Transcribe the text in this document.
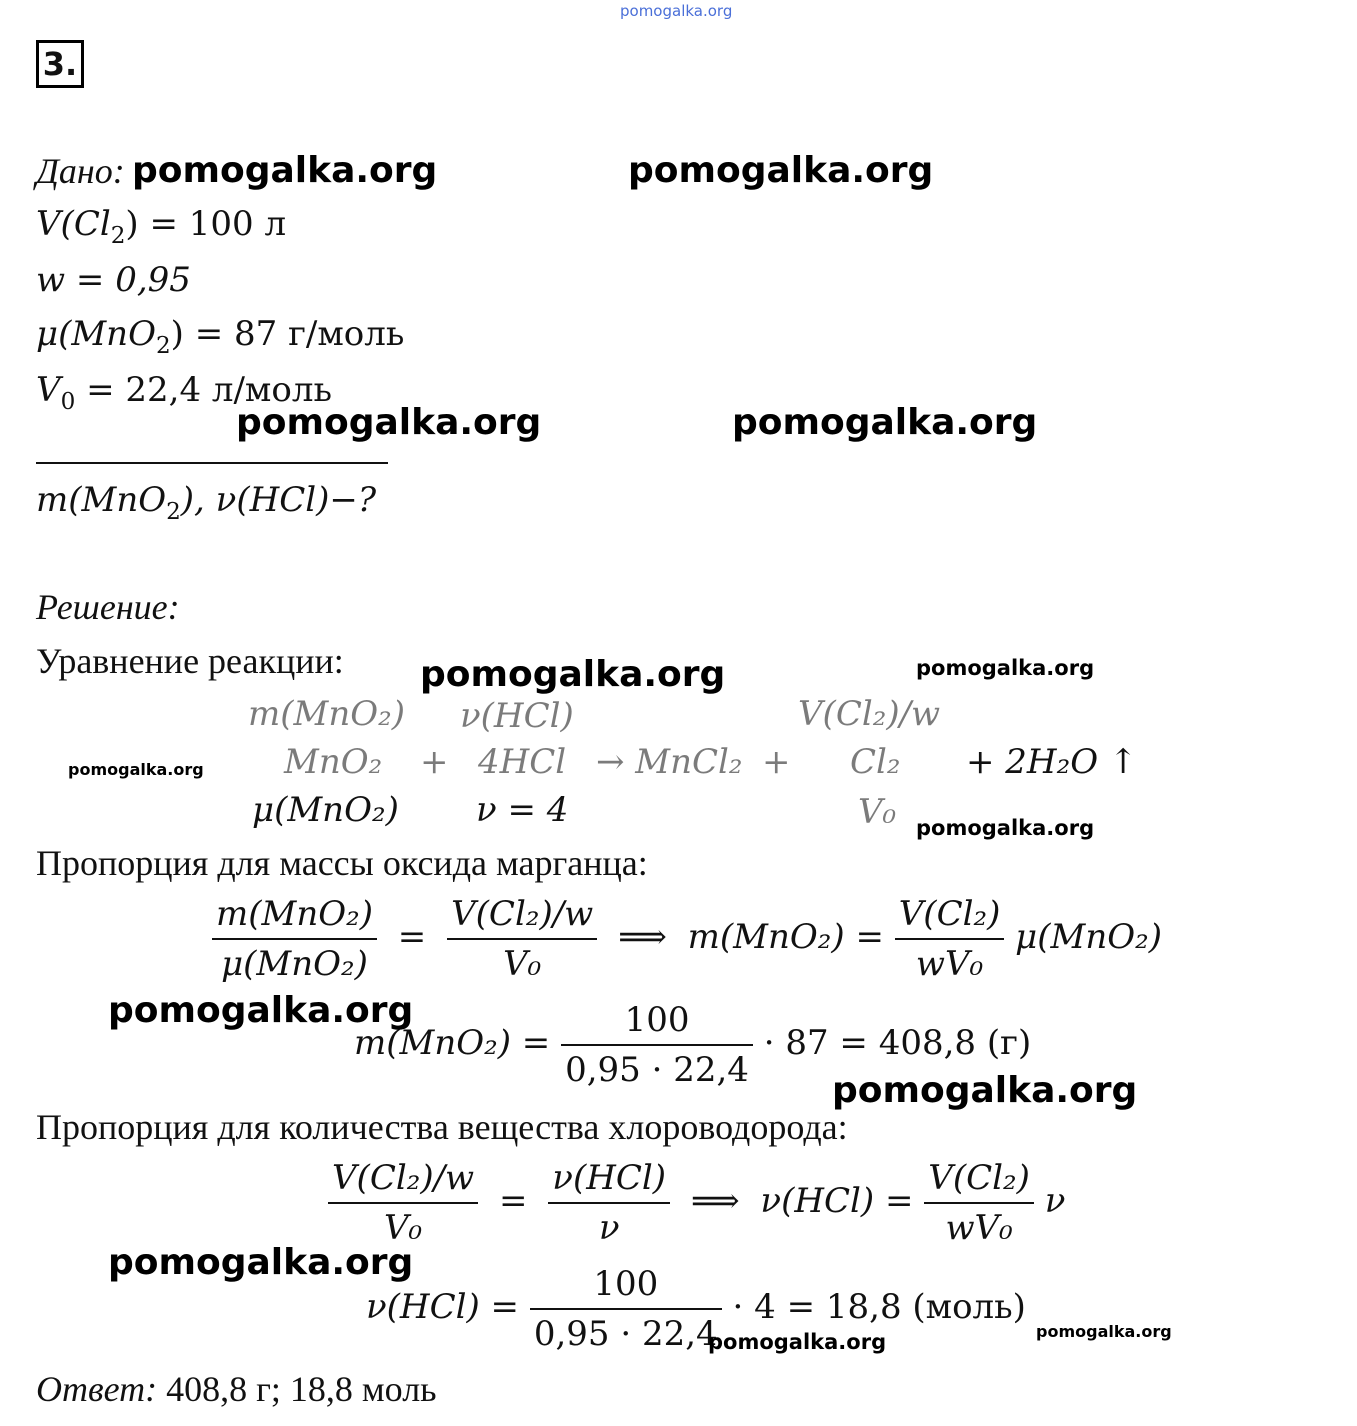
pomogalka.org
3.
Дано:
$V(Cl_2) = 100$ л
w = 0,95
μ(MnO$_2$) = 87 г/моль
$V_0 = 22,4$ л/моль
m(MnO$_2$), ν(HCl)−?
Решение:
Уравнение реакции:
m(MnO₂) ν(HCl)	V(Cl₂)/w
MnO₂ + 4HCl → MnCl₂ + Cl₂ + 2H₂O ↑
μ(MnO₂) ν = 4	V₀
Пропорция для массы оксида марганца:
$\frac{\text{m(MnO₂)}}{\text{μ(MnO₂)}} = \frac{\text{V(Cl₂)/w}}{\text{V₀}}$ ⟹ $m(MnO_2) = \frac{\text{V(Cl₂)}}{\text{wV₀}} \mu(MnO_2)$
$m(MnO_2) = \frac{100}{0,95 \cdot 22,4} \cdot 87 = 408,8$ (г)
Пропорция для количества вещества хлороводорода:
$\frac{\text{V(Cl₂)/w}}{\text{V₀}} = \frac{\text{ν(HCl)}}{\nu}$ ⟹ $\nu(HCl) = \frac{\text{V(Cl₂)}}{\text{wV₀}}$ ν
$\nu(HCl) = \frac{100}{0,95 \cdot 22,4} \cdot 4 = 18,8$ (моль)
Ответ: 408,8 г; 18,8 моль
pomogalka.org	pomogalka.org
pomogalka.org	pomogalka.org
pomogalka.org	pomogalka.org
pomogalka.org
pomogalka.org
pomogalka.org
pomogalka.org
pomogalka.org
pomogalka.org	pomogalka.org
